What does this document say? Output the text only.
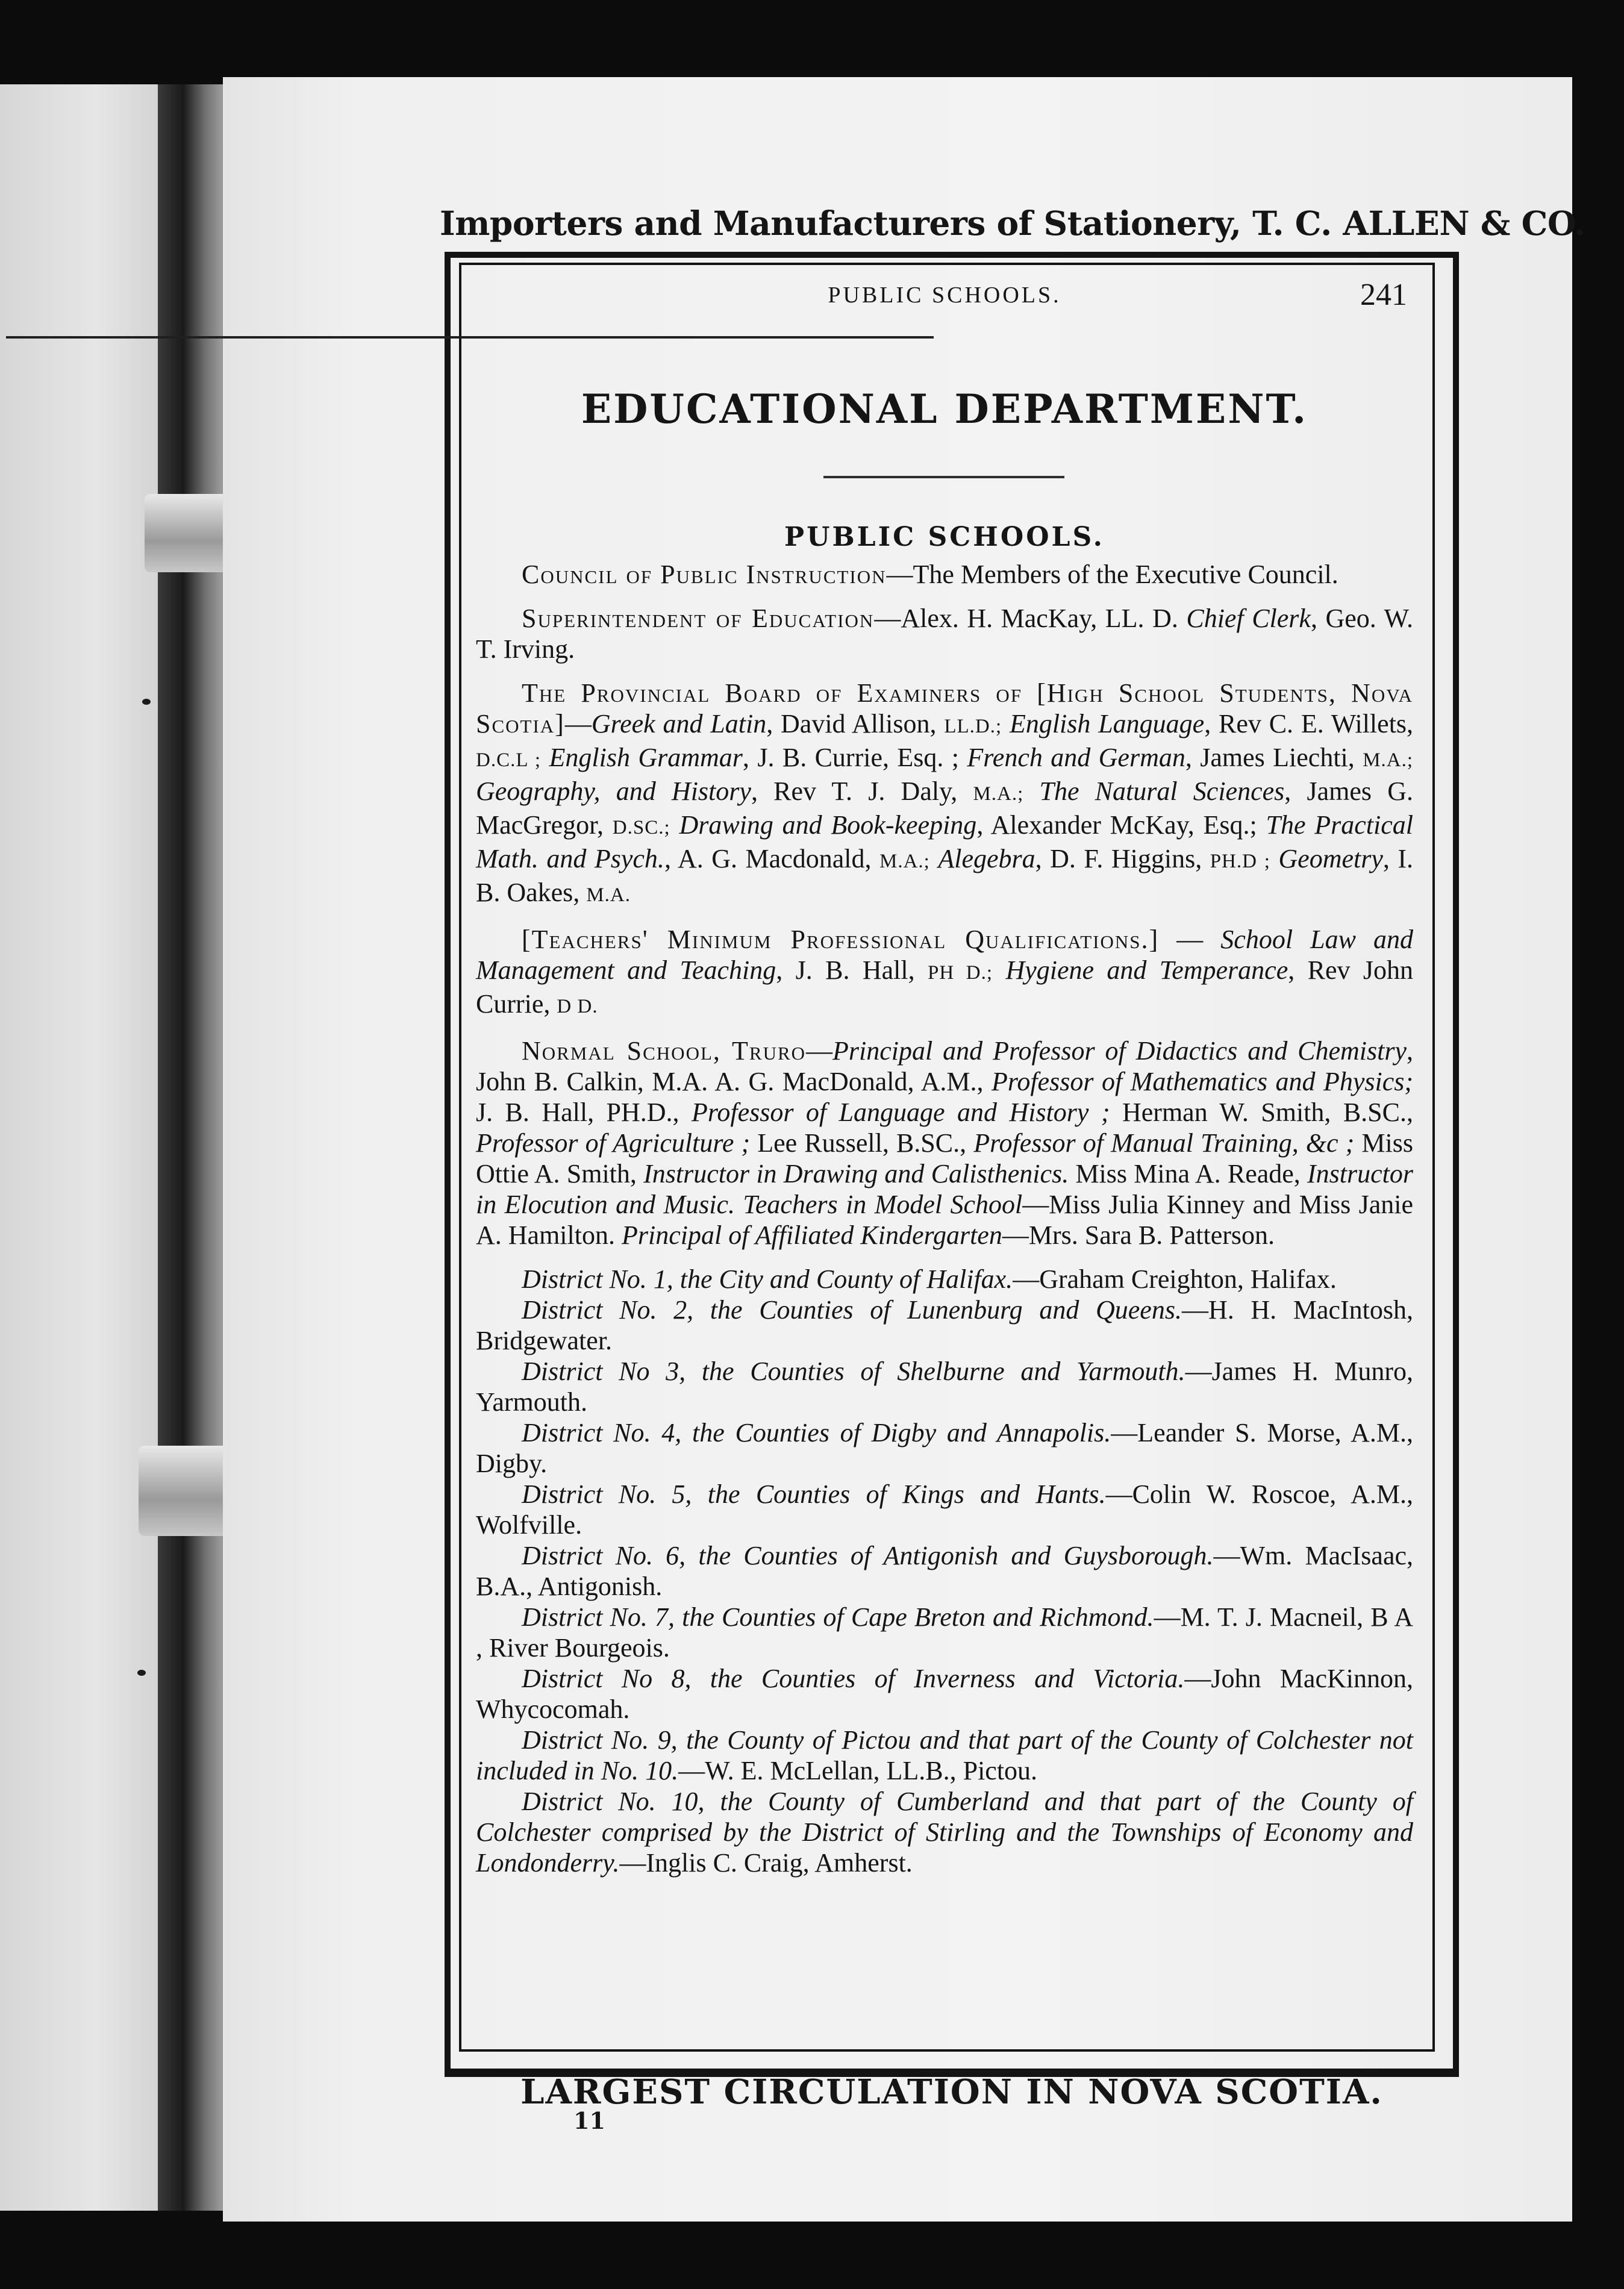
Importers and Manufacturers of Stationery, T. C. ALLEN & CO.
PUBLIC SCHOOLS.	241
EDUCATIONAL DEPARTMENT.
PUBLIC SCHOOLS.

Council of Public Instruction—The Members of the Executive Council.

Superintendent of Education—Alex. H. MacKay, LL. D. Chief Clerk, Geo. W. T. Irving.

The Provincial Board of Examiners of [High School Students, Nova Scotia]—Greek and Latin, David Allison, LL.D.; English Language, Rev C. E. Willets, D.C.L ; English Grammar, J. B. Currie, Esq. ; French and German, James Liechti, M.A.; Geography, and History, Rev T. J. Daly, M.A.; The Natural Sciences, James G. MacGregor, D.SC.; Drawing and Book-keeping, Alexander McKay, Esq.; The Practical Math. and Psych., A. G. Macdonald, M.A.; Alegebra, D. F. Higgins, PH.D ; Geometry, I. B. Oakes, M.A.

[Teachers' Minimum Professional Qualifications.] — School Law and Management and Teaching, J. B. Hall, PH D.; Hygiene and Temperance, Rev John Currie, D D.

Normal School, Truro—Principal and Professor of Didactics and Chemistry, John B. Calkin, M.A. A. G. MacDonald, A.M., Professor of Mathematics and Physics; J. B. Hall, PH.D., Professor of Language and History ; Herman W. Smith, B.SC., Professor of Agriculture ; Lee Russell, B.SC., Professor of Manual Training, &c ; Miss Ottie A. Smith, Instructor in Drawing and Calisthenics. Miss Mina A. Reade, Instructor in Elocution and Music. Teachers in Model School—Miss Julia Kinney and Miss Janie A. Hamilton. Principal of Affiliated Kindergarten—Mrs. Sara B. Patterson.

District No. 1, the City and County of Halifax.—Graham Creighton, Halifax.

District No. 2, the Counties of Lunenburg and Queens.—H. H. MacIntosh, Bridgewater.

District No 3, the Counties of Shelburne and Yarmouth.—James H. Munro, Yarmouth.

District No. 4, the Counties of Digby and Annapolis.—Leander S. Morse, A.M., Digby.

District No. 5, the Counties of Kings and Hants.—Colin W. Roscoe, A.M., Wolfville.

District No. 6, the Counties of Antigonish and Guysborough.—Wm. MacIsaac, B.A., Antigonish.

District No. 7, the Counties of Cape Breton and Richmond.—M. T. J. Macneil, B A , River Bourgeois.

District No 8, the Counties of Inverness and Victoria.—John MacKinnon, Whycocomah.

District No. 9, the County of Pictou and that part of the County of Colchester not included in No. 10.—W. E. McLellan, LL.B., Pictou.

District No. 10, the County of Cumberland and that part of the County of Colchester comprised by the District of Stirling and the Townships of Economy and Londonderry.—Inglis C. Craig, Amherst.

LARGEST CIRCULATION IN NOVA SCOTIA.
11
